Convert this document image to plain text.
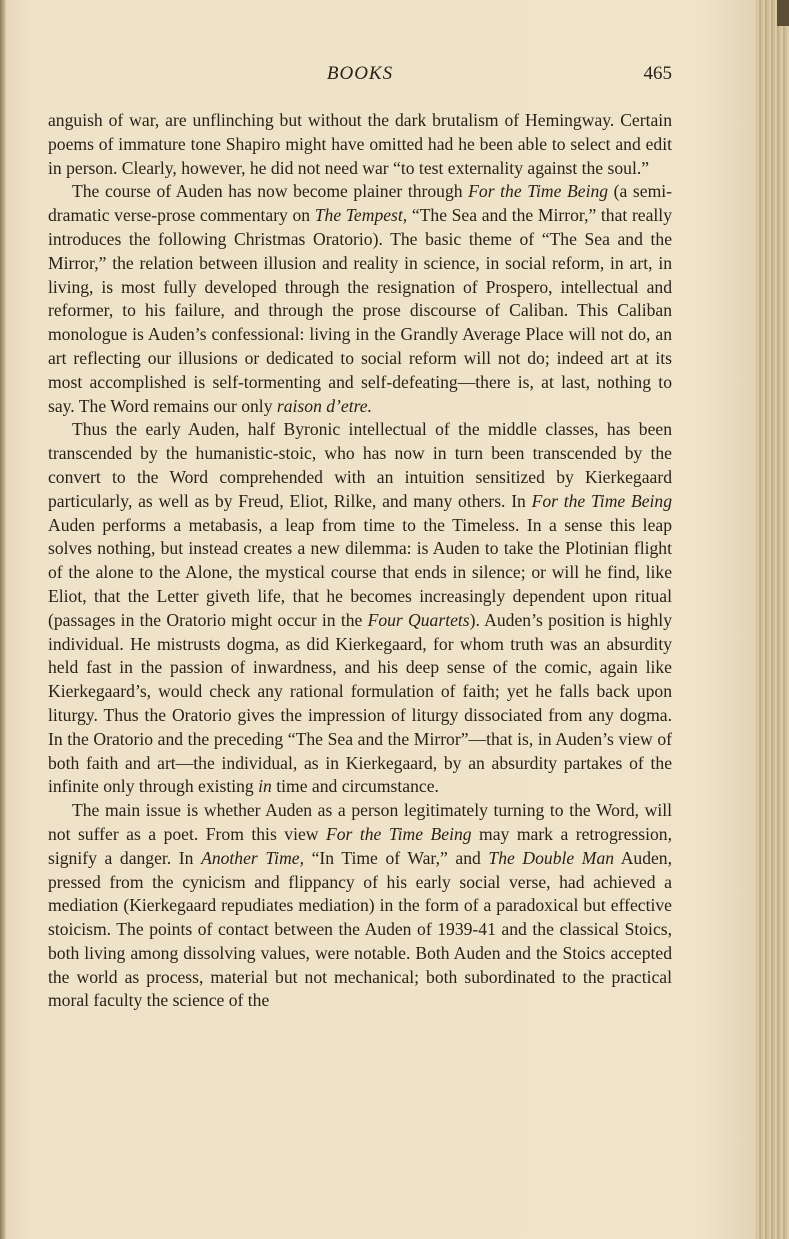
BOOKS	465

anguish of war, are unflinching but without the dark brutalism of Hemingway. Certain poems of immature tone Shapiro might have omitted had he been able to select and edit in person. Clearly, however, he did not need war “to test externality against the soul.”

The course of Auden has now become plainer through For the Time Being (a semi-dramatic verse-prose commentary on The Tempest, “The Sea and the Mirror,” that really introduces the following Christmas Oratorio). The basic theme of “The Sea and the Mirror,” the relation between illusion and reality in science, in social reform, in art, in living, is most fully developed through the resignation of Prospero, intellectual and reformer, to his failure, and through the prose discourse of Caliban. This Caliban monologue is Auden’s confessional: living in the Grandly Average Place will not do, an art reflecting our illusions or dedicated to social reform will not do; indeed art at its most accomplished is self-tormenting and self-defeating—there is, at last, nothing to say. The Word remains our only raison d’etre.

Thus the early Auden, half Byronic intellectual of the middle classes, has been transcended by the humanistic-stoic, who has now in turn been transcended by the convert to the Word comprehended with an intuition sensitized by Kierkegaard particularly, as well as by Freud, Eliot, Rilke, and many others. In For the Time Being Auden performs a metabasis, a leap from time to the Timeless. In a sense this leap solves nothing, but instead creates a new dilemma: is Auden to take the Plotinian flight of the alone to the Alone, the mystical course that ends in silence; or will he find, like Eliot, that the Letter giveth life, that he becomes increasingly dependent upon ritual (passages in the Oratorio might occur in the Four Quartets). Auden’s position is highly individual. He mistrusts dogma, as did Kierkegaard, for whom truth was an absurdity held fast in the passion of inwardness, and his deep sense of the comic, again like Kierkegaard’s, would check any rational formulation of faith; yet he falls back upon liturgy. Thus the Oratorio gives the impression of liturgy dissociated from any dogma. In the Oratorio and the preceding “The Sea and the Mirror”—that is, in Auden’s view of both faith and art—the individual, as in Kierkegaard, by an absurdity partakes of the infinite only through existing in time and circumstance.

The main issue is whether Auden as a person legitimately turning to the Word, will not suffer as a poet. From this view For the Time Being may mark a retrogression, signify a danger. In Another Time, “In Time of War,” and The Double Man Auden, pressed from the cynicism and flippancy of his early social verse, had achieved a mediation (Kierkegaard repudiates mediation) in the form of a paradoxical but effective stoicism. The points of contact between the Auden of 1939-41 and the classical Stoics, both living among dissolving values, were notable. Both Auden and the Stoics accepted the world as process, material but not mechanical; both subordinated to the practical moral faculty the science of the
